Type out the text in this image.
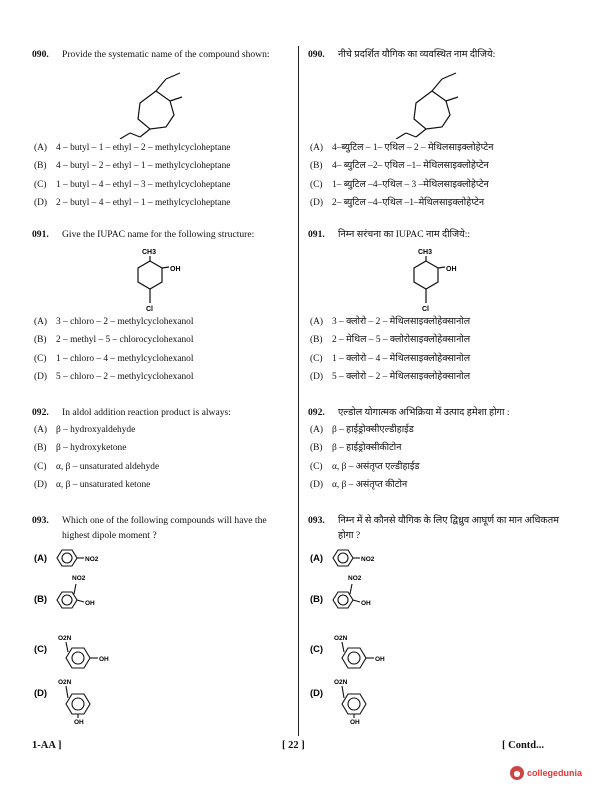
090.	Provide the systematic name of the compound shown:
(A) 4 – butyl – 1 – ethyl – 2 – methylcycloheptane
(B)	4 – butyl – 2 – ethyl – 1 – methylcycloheptane
(C)	1 – butyl – 4 – ethyl – 3 – methylcycloheptane
(D) 2 – butyl – 4 – ethyl – 1 – methylcycloheptane
091.	Give the IUPAC name for the following structure:
CH3
OH
Cl
(A) 3 – chloro – 2 – methylcyclohexanol
(B)	2 – methyl – 5 – chlorocyclohexanol
(C)	1 – chloro – 4 – methylcyclohexanol
(D) 5 – chloro – 2 – methylcyclohexanol
092.	In aldol addition reaction product is always:
(A) β – hydroxyaldehyde
(B)	β – hydroxyketone
(C)	α, β – unsaturated aldehyde
(D) α, β – unsaturated ketone
093.	Which one of the following compounds will have the highest dipole moment ?
(A)	NO2
(B)
NO2
OH
(C)
O2N
OH
(D)
O2N
OH
090.	नीचे प्रदर्शित यौगिक का व्यवस्थित नाम दीजिये:
(A) 4–ब्युटिल – 1– एथिल – 2 – मेथिलसाइक्लोहेप्टेन
(B)	4– ब्युटिल –2– एथिल –1– मेथिलसाइक्लोहेप्टेन
(C)	1– ब्युटिल –4–एथिल – 3 –मेथिलसाइक्लोहेप्टेन
(D) 2– ब्युटिल –4–एथिल –1–मेथिलसाइक्लोहेप्टेन
091.	निम्न सरंचना का IUPAC नाम दीजिये::
CH3
OH
Cl
(A) 3 – क्लोरो – 2 – मेथिलसाइक्लोहेक्सानोल
(B)	2 – मेथिल – 5 – क्लोरोसाइक्लोहेक्सानोल
(C)	1 – क्लोरो – 4 – मेथिलसाइक्लोहेक्सानोल
(D) 5 – क्लोरो – 2 – मेथिलसाइक्लोहेक्सानोल
092.	एल्डोल योगात्मक अभिक्रिया में उत्पाद हमेशा होगा :
(A) β – हाईड्रोक्सीएल्डीहाईड
(B)	β – हाईड्रोक्सीकीटोन
(C)	α, β – असंतृप्त एल्डीहाईड
(D) α, β – असंतृप्त कीटोन
093.	निम्न में से कौनसे यौगिक के लिए द्विध्रुव आघूर्ण का मान अधिकतम होगा ?
(A)	NO2
(B)
NO2
OH
(C)
O2N
OH
(D)
O2N
OH
1-AA ]	[ 22 ]	[ Contd...
● collegedunia
